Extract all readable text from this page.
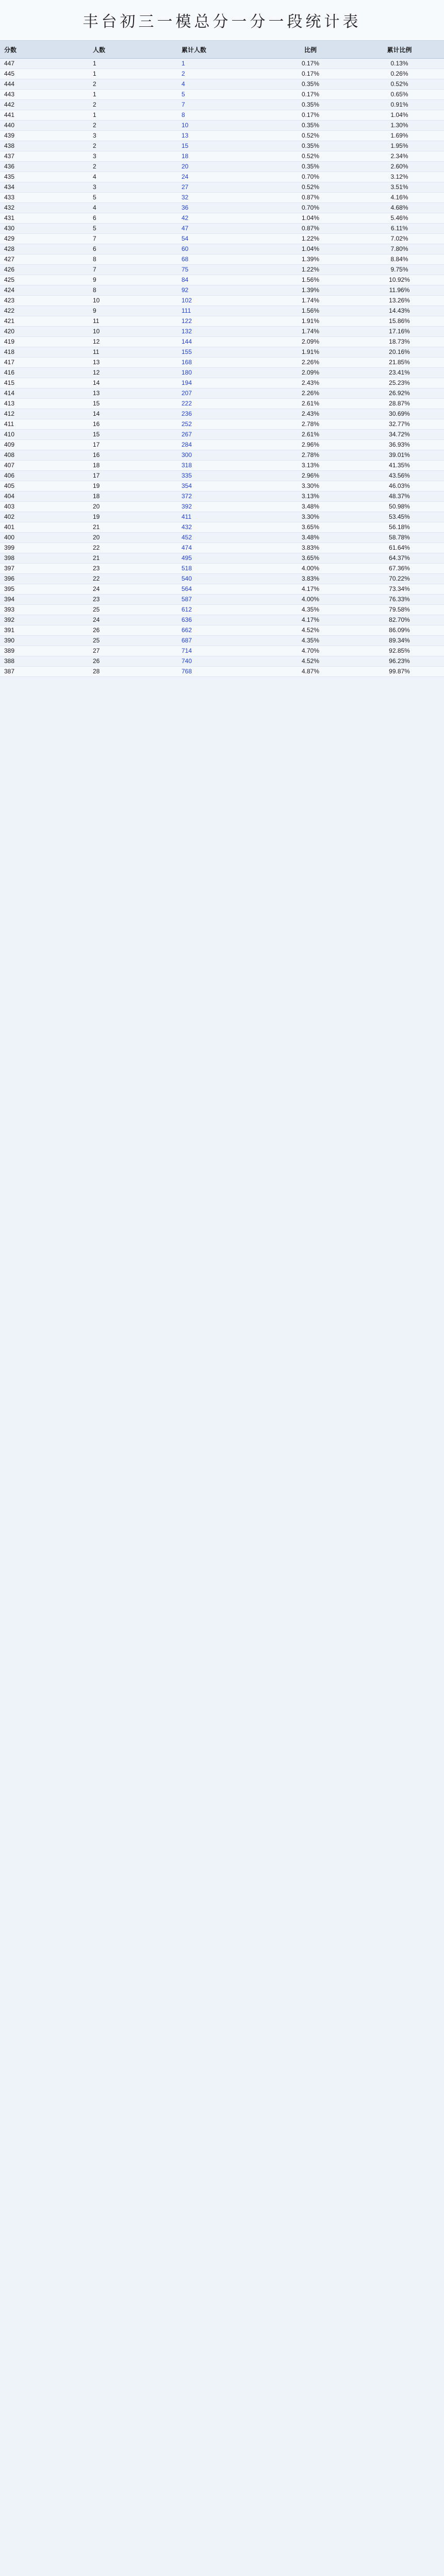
丰台初三一模总分一分一段统计表
分数	人数	累计人数	比例	累计比例
447	1	1	0.17%	0.13%
445	1	2	0.17%	0.26%
444	2	4	0.35%	0.52%
443	1	5	0.17%	0.65%
442	2	7	0.35%	0.91%
441	1	8	0.17%	1.04%
440	2	10	0.35%	1.30%
439	3	13	0.52%	1.69%
438	2	15	0.35%	1.95%
437	3	18	0.52%	2.34%
436	2	20	0.35%	2.60%
435	4	24	0.70%	3.12%
434	3	27	0.52%	3.51%
433	5	32	0.87%	4.16%
432	4	36	0.70%	4.68%
431	6	42	1.04%	5.46%
430	5	47	0.87%	6.11%
429	7	54	1.22%	7.02%
428	6	60	1.04%	7.80%
427	8	68	1.39%	8.84%
426	7	75	1.22%	9.75%
425	9	84	1.56%	10.92%
424	8	92	1.39%	11.96%
423	10	102	1.74%	13.26%
422	9	111	1.56%	14.43%
421	11	122	1.91%	15.86%
420	10	132	1.74%	17.16%
419	12	144	2.09%	18.73%
418	11	155	1.91%	20.16%
417	13	168	2.26%	21.85%
416	12	180	2.09%	23.41%
415	14	194	2.43%	25.23%
414	13	207	2.26%	26.92%
413	15	222	2.61%	28.87%
412	14	236	2.43%	30.69%
411	16	252	2.78%	32.77%
410	15	267	2.61%	34.72%
409	17	284	2.96%	36.93%
408	16	300	2.78%	39.01%
407	18	318	3.13%	41.35%
406	17	335	2.96%	43.56%
405	19	354	3.30%	46.03%
404	18	372	3.13%	48.37%
403	20	392	3.48%	50.98%
402	19	411	3.30%	53.45%
401	21	432	3.65%	56.18%
400	20	452	3.48%	58.78%
399	22	474	3.83%	61.64%
398	21	495	3.65%	64.37%
397	23	518	4.00%	67.36%
396	22	540	3.83%	70.22%
395	24	564	4.17%	73.34%
394	23	587	4.00%	76.33%
393	25	612	4.35%	79.58%
392	24	636	4.17%	82.70%
391	26	662	4.52%	86.09%
390	25	687	4.35%	89.34%
389	27	714	4.70%	92.85%
388	26	740	4.52%	96.23%
387	28	768	4.87%	99.87%
